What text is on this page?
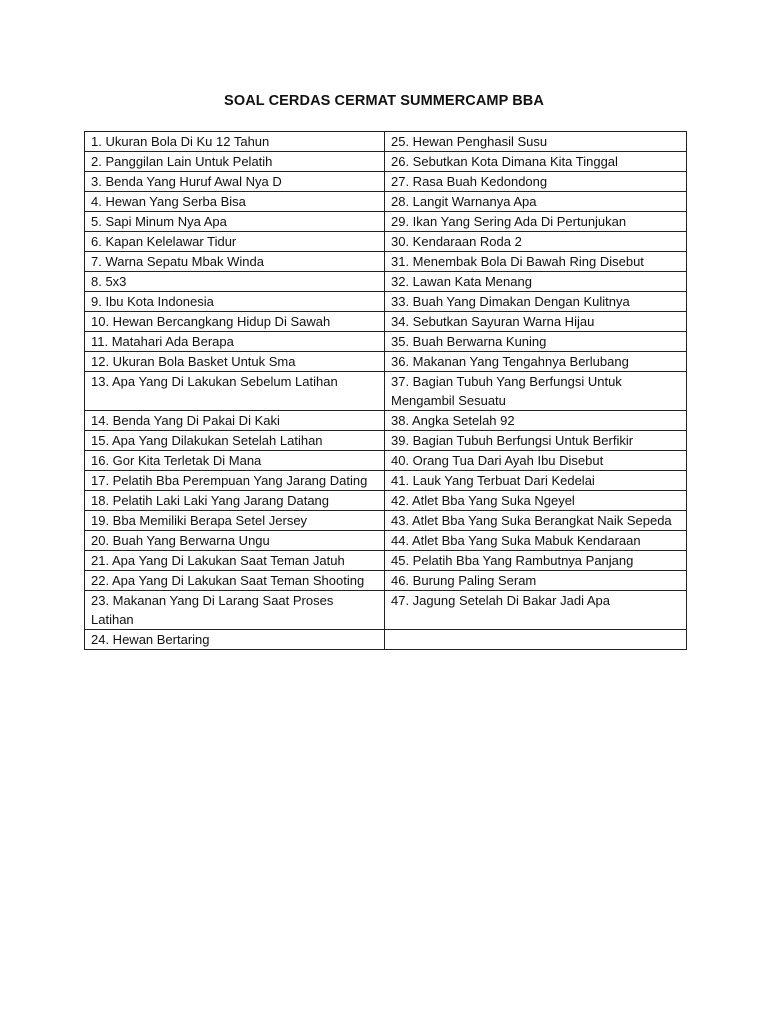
SOAL CERDAS CERMAT SUMMERCAMP BBA
1. Ukuran Bola Di Ku 12 Tahun	25. Hewan Penghasil Susu
2. Panggilan Lain Untuk Pelatih	26. Sebutkan Kota Dimana Kita Tinggal
3. Benda Yang Huruf Awal Nya D	27. Rasa Buah Kedondong
4. Hewan Yang Serba Bisa	28. Langit Warnanya Apa
5. Sapi Minum Nya Apa	29. Ikan Yang Sering Ada Di Pertunjukan
6. Kapan Kelelawar Tidur	30. Kendaraan Roda 2
7. Warna Sepatu Mbak Winda	31. Menembak Bola Di Bawah Ring Disebut
8. 5x3	32. Lawan Kata Menang
9. Ibu Kota Indonesia	33. Buah Yang Dimakan Dengan Kulitnya
10. Hewan Bercangkang Hidup Di Sawah	34. Sebutkan Sayuran Warna Hijau
11. Matahari Ada Berapa	35. Buah Berwarna Kuning
12. Ukuran Bola Basket Untuk Sma	36. Makanan Yang Tengahnya Berlubang
13. Apa Yang Di Lakukan Sebelum Latihan	37. Bagian Tubuh Yang Berfungsi Untuk Mengambil Sesuatu
14. Benda Yang Di Pakai Di Kaki	38. Angka Setelah 92
15. Apa Yang Dilakukan Setelah Latihan	39. Bagian Tubuh Berfungsi Untuk Berfikir
16. Gor Kita Terletak Di Mana	40. Orang Tua Dari Ayah Ibu Disebut
17. Pelatih Bba Perempuan Yang Jarang Dating	41. Lauk Yang Terbuat Dari Kedelai
18. Pelatih Laki Laki Yang Jarang Datang	42. Atlet Bba Yang Suka Ngeyel
19. Bba Memiliki Berapa Setel Jersey	43. Atlet Bba Yang Suka Berangkat Naik Sepeda
20. Buah Yang Berwarna Ungu	44. Atlet Bba Yang Suka Mabuk Kendaraan
21. Apa Yang Di Lakukan Saat Teman Jatuh	45. Pelatih Bba Yang Rambutnya Panjang
22. Apa Yang Di Lakukan Saat Teman Shooting	46. Burung Paling Seram
23. Makanan Yang Di Larang Saat Proses Latihan	47. Jagung Setelah Di Bakar Jadi Apa
24. Hewan Bertaring	
